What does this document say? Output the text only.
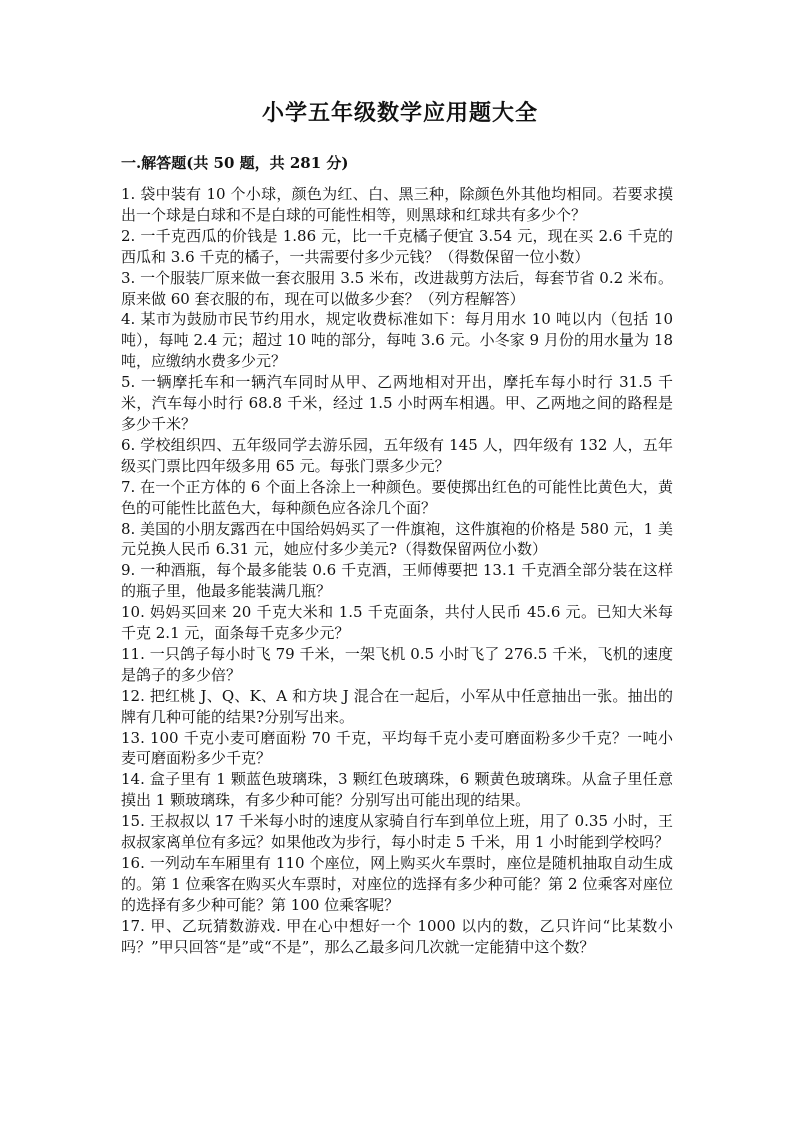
小学五年级数学应用题大全
一.解答题(共 50 题，共 281 分)
1. 袋中装有 10 个小球，颜色为红、白、黑三种，除颜色外其他均相同。若要求摸出一个球是白球和不是白球的可能性相等，则黑球和红球共有多少个？
2. 一千克西瓜的价钱是 1.86 元，比一千克橘子便宜 3.54 元，现在买 2.6 千克的西瓜和 3.6 千克的橘子，一共需要付多少元钱？（得数保留一位小数）
3. 一个服装厂原来做一套衣服用 3.5 米布，改进裁剪方法后，每套节省 0.2 米布。原来做 60 套衣服的布，现在可以做多少套？（列方程解答）
4. 某市为鼓励市民节约用水，规定收费标准如下：每月用水 10 吨以内（包括 10 吨），每吨 2.4 元；超过 10 吨的部分，每吨 3.6 元。小冬家 9 月份的用水量为 18 吨，应缴纳水费多少元？
5. 一辆摩托车和一辆汽车同时从甲、乙两地相对开出，摩托车每小时行 31.5 千米，汽车每小时行 68.8 千米，经过 1.5 小时两车相遇。甲、乙两地之间的路程是多少千米？
6. 学校组织四、五年级同学去游乐园，五年级有 145 人，四年级有 132 人，五年级买门票比四年级多用 65 元。每张门票多少元？
7. 在一个正方体的 6 个面上各涂上一种颜色。要使掷出红色的可能性比黄色大，黄色的可能性比蓝色大，每种颜色应各涂几个面？
8. 美国的小朋友露西在中国给妈妈买了一件旗袍，这件旗袍的价格是 580 元，1 美元兑换人民币 6.31 元，她应付多少美元?（得数保留两位小数）
9. 一种酒瓶，每个最多能装 0.6 千克酒，王师傅要把 13.1 千克酒全部分装在这样的瓶子里，他最多能装满几瓶？
10. 妈妈买回来 20 千克大米和 1.5 千克面条，共付人民币 45.6 元。已知大米每千克 2.1 元，面条每千克多少元？
11. 一只鸽子每小时飞 79 千米，一架飞机 0.5 小时飞了 276.5 千米，飞机的速度是鸽子的多少倍？
12. 把红桃 J、Q、K、A 和方块 J 混合在一起后，小军从中任意抽出一张。抽出的牌有几种可能的结果?分别写出来。
13. 100 千克小麦可磨面粉 70 千克，平均每千克小麦可磨面粉多少千克？一吨小麦可磨面粉多少千克？
14. 盒子里有 1 颗蓝色玻璃珠，3 颗红色玻璃珠，6 颗黄色玻璃珠。从盒子里任意摸出 1 颗玻璃珠，有多少种可能？分别写出可能出现的结果。
15. 王叔叔以 17 千米每小时的速度从家骑自行车到单位上班，用了 0.35 小时，王叔叔家离单位有多远？如果他改为步行，每小时走 5 千米，用 1 小时能到学校吗？
16. 一列动车车厢里有 110 个座位，网上购买火车票时，座位是随机抽取自动生成的。第 1 位乘客在购买火车票时，对座位的选择有多少种可能？第 2 位乘客对座位的选择有多少种可能？第 100 位乘客呢？
17. 甲、乙玩猜数游戏. 甲在心中想好一个 1000 以内的数，乙只许问“比某数小吗？”甲只回答“是”或“不是”，那么乙最多问几次就一定能猜中这个数？
